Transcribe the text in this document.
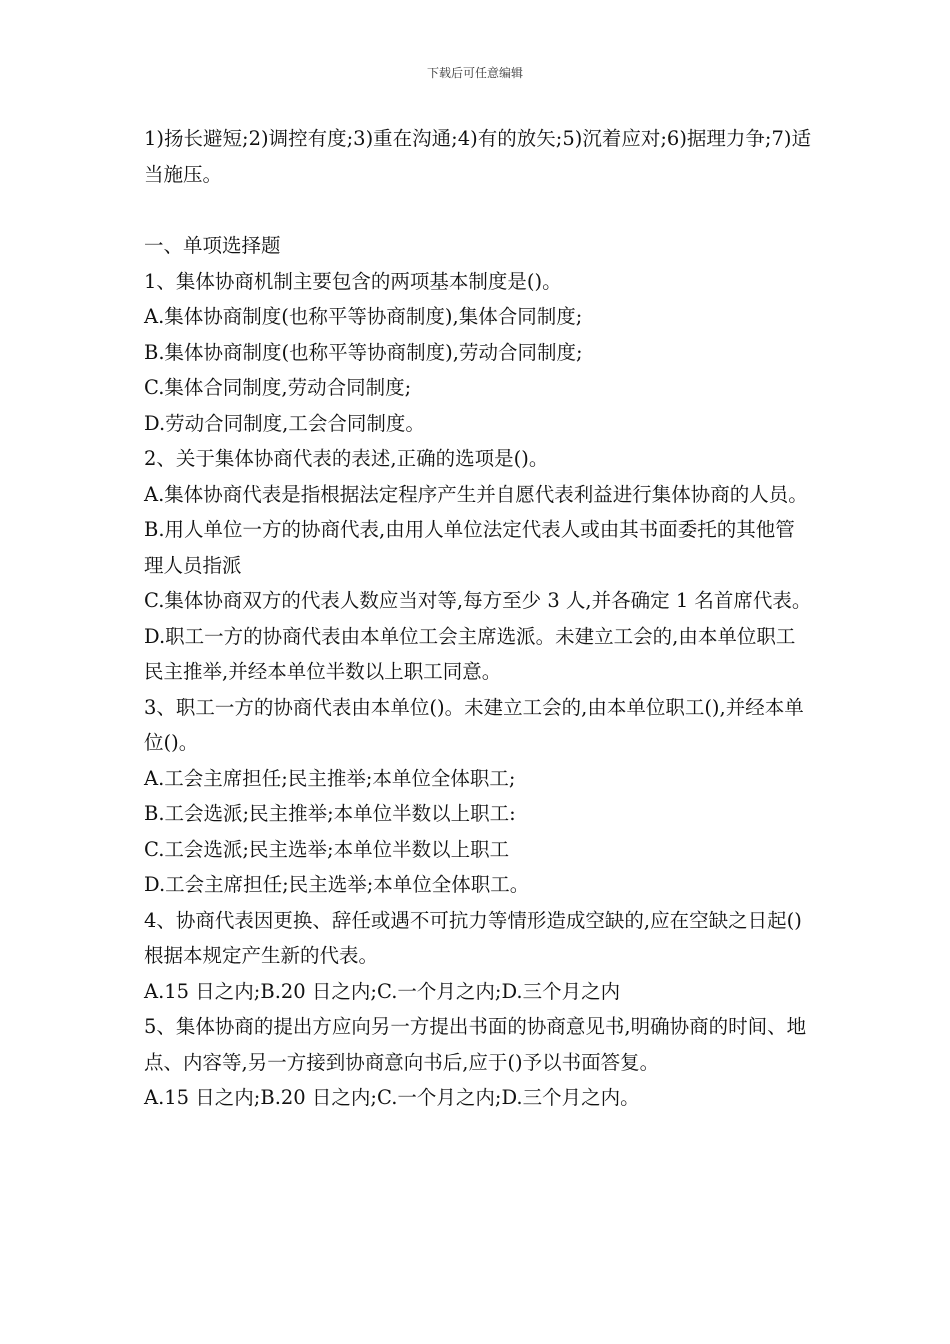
下载后可任意编辑
1)扬长避短;2)调控有度;3)重在沟通;4)有的放矢;5)沉着应对;6)据理力争;7)适当施压。
一、单项选择题
1、集体协商机制主要包含的两项基本制度是()。
A.集体协商制度(也称平等协商制度),集体合同制度;
B.集体协商制度(也称平等协商制度),劳动合同制度;
C.集体合同制度,劳动合同制度;
D.劳动合同制度,工会合同制度。
2、关于集体协商代表的表述,正确的选项是()。
A.集体协商代表是指根据法定程序产生并自愿代表利益进行集体协商的人员。
B.用人单位一方的协商代表,由用人单位法定代表人或由其书面委托的其他管理人员指派
C.集体协商双方的代表人数应当对等,每方至少 3 人,并各确定 1 名首席代表。
D.职工一方的协商代表由本单位工会主席选派。未建立工会的,由本单位职工民主推举,并经本单位半数以上职工同意。
3、职工一方的协商代表由本单位()。未建立工会的,由本单位职工(),并经本单位()。
A.工会主席担任;民主推举;本单位全体职工;
B.工会选派;民主推举;本单位半数以上职工:
C.工会选派;民主选举;本单位半数以上职工
D.工会主席担任;民主选举;本单位全体职工。
4、协商代表因更换、辞任或遇不可抗力等情形造成空缺的,应在空缺之日起()根据本规定产生新的代表。
A.15 日之内;B.20 日之内;C.一个月之内;D.三个月之内
5、集体协商的提出方应向另一方提出书面的协商意见书,明确协商的时间、地点、内容等,另一方接到协商意向书后,应于()予以书面答复。
A.15 日之内;B.20 日之内;C.一个月之内;D.三个月之内。
